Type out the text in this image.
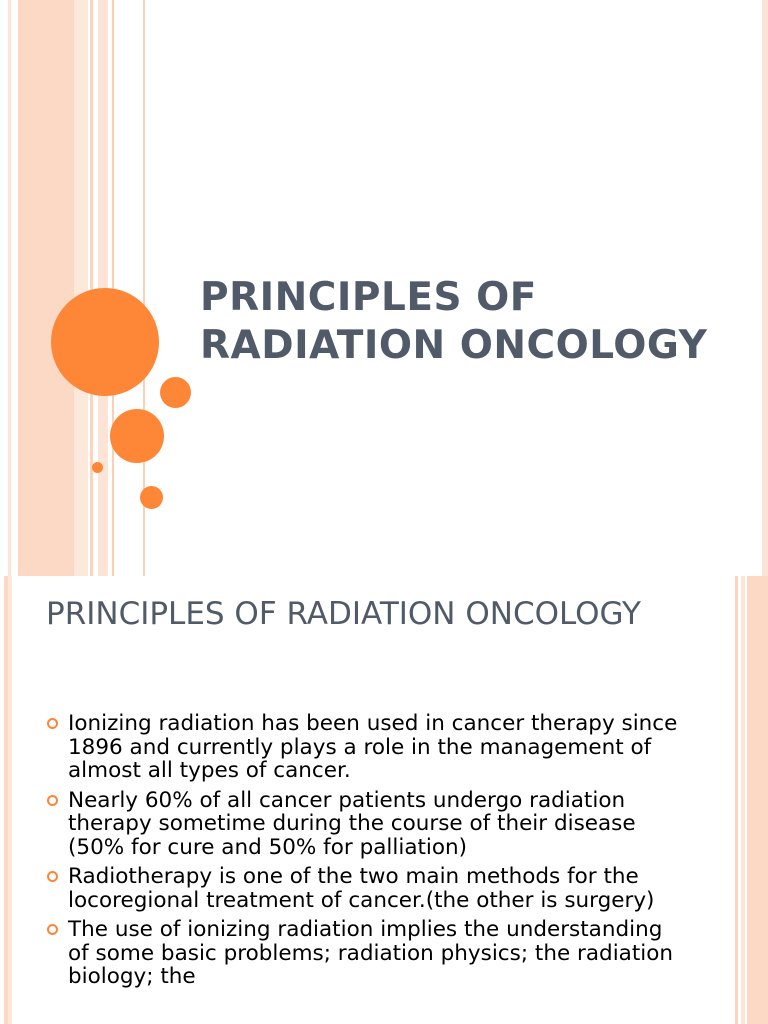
PRINCIPLES OF RADIATION ONCOLOGY
PRINCIPLES OF RADIATION ONCOLOGY
Ionizing radiation has been used in cancer therapy since 1896 and currently plays a role in the management of almost all types of cancer.
Nearly 60% of all cancer patients undergo radiation therapy sometime during the course of their disease (50% for cure and 50% for palliation)
Radiotherapy is one of the two main methods for the locoregional treatment of cancer.(the other is surgery)
The use of ionizing radiation implies the understanding of some basic problems; radiation physics; the radiation biology; the
